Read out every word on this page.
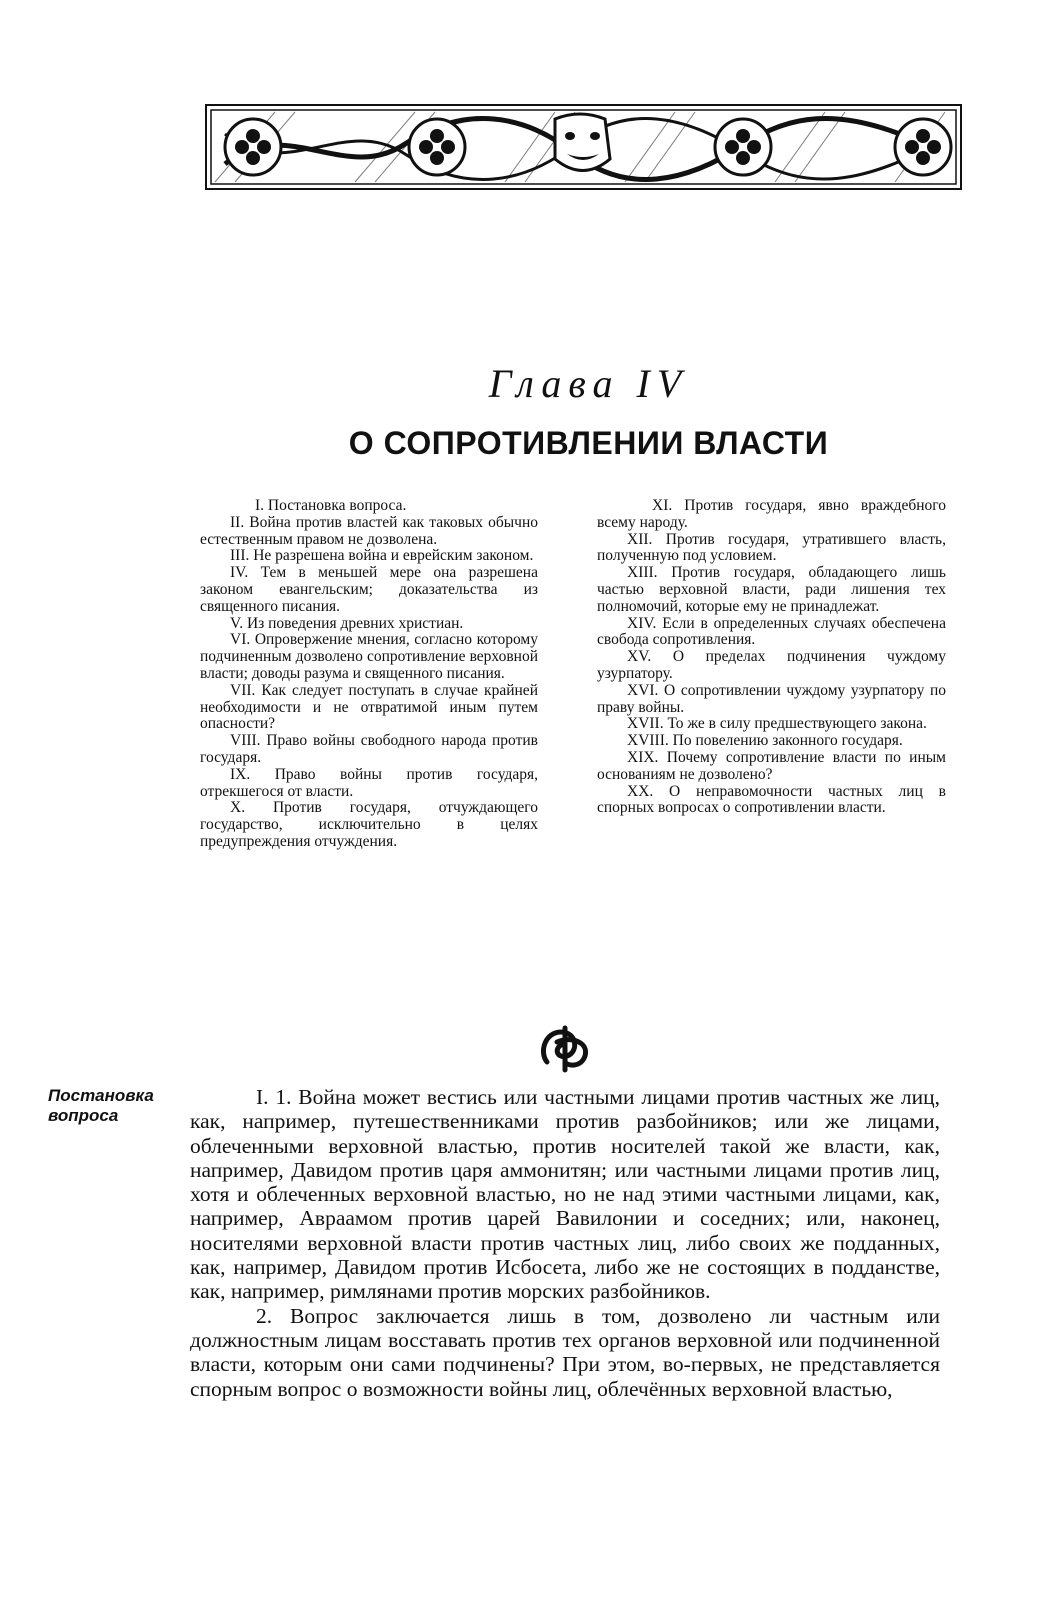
Глава IV
О СОПРОТИВЛЕНИИ ВЛАСТИ

I. Постановка вопроса.

II. Война против властей как таковых обычно естественным правом не дозволена.

III. Не разрешена война и еврейским законом.

IV. Тем в меньшей мере она разрешена законом евангельским; доказательства из священного писания.

V. Из поведения древних христиан.

VI. Опровержение мнения, согласно которому подчиненным дозволено сопротивление верховной власти; доводы разума и священного писания.

VII. Как следует поступать в случае крайней необходимости и не отвратимой иным путем опасности?

VIII. Право войны свободного народа против государя.

IX. Право войны против государя, отрекшегося от власти.

X. Против государя, отчуждающего государство, исключительно в целях предупреждения отчуждения.

XI. Против государя, явно враждебного всему народу.

XII. Против государя, утратившего власть, полученную под условием.

XIII. Против государя, обладающего лишь частью верховной власти, ради лишения тех полномочий, которые ему не принадлежат.

XIV. Если в определенных случаях обеспечена свобода сопротивления.

XV. О пределах подчинения чуждому узурпатору.

XVI. О сопротивлении чуждому узурпатору по праву войны.

XVII. То же в силу предшествующего закона.

XVIII. По повелению законного государя.

XIX. Почему сопротивление власти по иным основаниям не дозволено?

XX. О неправомочности частных лиц в спорных вопросах о сопротивлении власти.

Постановка вопроса

I. 1. Война может вестись или частными лицами против частных же лиц, как, например, путешественниками против разбойников; или же лицами, облеченными верховной властью, против носителей такой же власти, как, например, Давидом против царя аммонитян; или частными лицами против лиц, хотя и облеченных верховной властью, но не над этими частными лицами, как, например, Авраамом против царей Вавилонии и соседних; или, наконец, носителями верховной власти против частных лиц, либо своих же подданных, как, например, Давидом против Исбосета, либо же не состоящих в подданстве, как, например, римлянами против морских разбойников.

2. Вопрос заключается лишь в том, дозволено ли частным или должностным лицам восставать против тех органов верховной или подчиненной власти, которым они сами подчинены? При этом, во-первых, не представляется спорным вопрос о возможности войны лиц, облечённых верховной властью,
